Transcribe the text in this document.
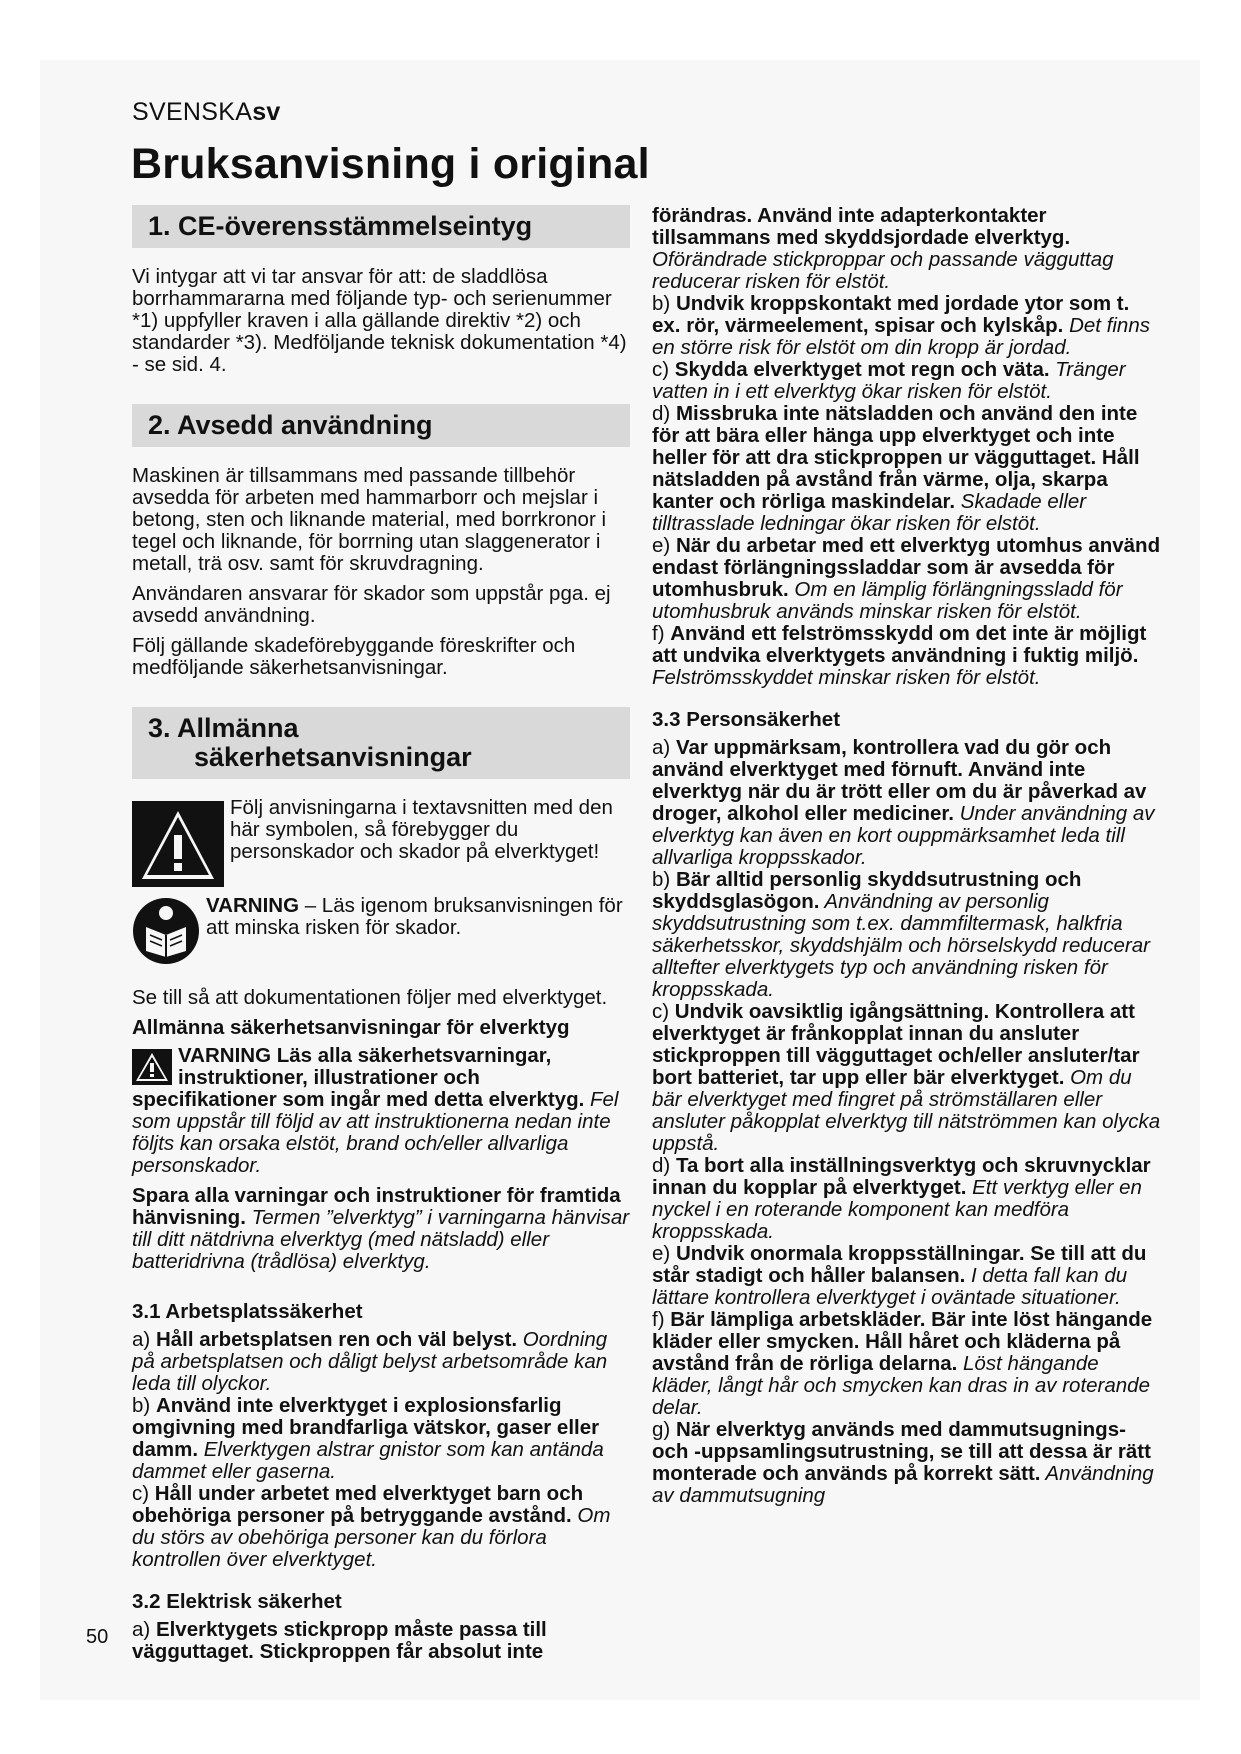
SVENSKAsv
Bruksanvisning i original
1. CE-överensstämmelseintyg

Vi intygar att vi tar ansvar för att: de sladdlösa borrhammararna med följande typ- och serienummer *1) uppfyller kraven i alla gällande direktiv *2) och standarder *3). Medföljande teknisk dokumentation *4) - se sid. 4.

2. Avsedd användning

Maskinen är tillsammans med passande tillbehör avsedda för arbeten med hammarborr och mejslar i betong, sten och liknande material, med borrkronor i tegel och liknande, för borrning utan slaggenerator i metall, trä osv. samt för skruvdragning.

Användaren ansvarar för skador som uppstår pga. ej avsedd användning.

Följ gällande skadeförebyggande föreskrifter och medföljande säkerhetsanvisningar.

3. Allmänna
säkerhetsanvisningar

Följ anvisningarna i textavsnitten med den här symbolen, så förebygger du personskador och skador på elverktyget!

VARNING – Läs igenom bruksanvisningen för att minska risken för skador.

Se till så att dokumentationen följer med elverktyget.

Allmänna säkerhetsanvisningar för elverktyg

VARNING Läs alla säkerhetsvarningar, instruktioner, illustrationer och specifikationer som ingår med detta elverktyg. Fel som uppstår till följd av att instruktionerna nedan inte följts kan orsaka elstöt, brand och/eller allvarliga personskador.

Spara alla varningar och instruktioner för framtida hänvisning. Termen ”elverktyg” i varningarna hänvisar till ditt nätdrivna elverktyg (med nätsladd) eller batteridrivna (trådlösa) elverktyg.

3.1 Arbetsplatssäkerhet

a) Håll arbetsplatsen ren och väl belyst. Oordning på arbetsplatsen och dåligt belyst arbetsområde kan leda till olyckor.

b) Använd inte elverktyget i explosionsfarlig omgivning med brandfarliga vätskor, gaser eller damm. Elverktygen alstrar gnistor som kan antända dammet eller gaserna.

c) Håll under arbetet med elverktyget barn och obehöriga personer på betryggande avstånd. Om du störs av obehöriga personer kan du förlora kontrollen över elverktyget.

3.2 Elektrisk säkerhet

a) Elverktygets stickpropp måste passa till vägguttaget. Stickproppen får absolut inte

förändras. Använd inte adapterkontakter tillsammans med skyddsjordade elverktyg. Oförändrade stickproppar och passande vägguttag reducerar risken för elstöt.

b) Undvik kroppskontakt med jordade ytor som t. ex. rör, värmeelement, spisar och kylskåp. Det finns en större risk för elstöt om din kropp är jordad.

c) Skydda elverktyget mot regn och väta. Tränger vatten in i ett elverktyg ökar risken för elstöt.

d) Missbruka inte nätsladden och använd den inte för att bära eller hänga upp elverktyget och inte heller för att dra stickproppen ur vägguttaget. Håll nätsladden på avstånd från värme, olja, skarpa kanter och rörliga maskindelar. Skadade eller tilltrasslade ledningar ökar risken för elstöt.

e) När du arbetar med ett elverktyg utomhus använd endast förlängningssladdar som är avsedda för utomhusbruk. Om en lämplig förlängningssladd för utomhusbruk används minskar risken för elstöt.

f) Använd ett felströmsskydd om det inte är möjligt att undvika elverktygets användning i fuktig miljö. Felströmsskyddet minskar risken för elstöt.

3.3 Personsäkerhet

a) Var uppmärksam, kontrollera vad du gör och använd elverktyget med förnuft. Använd inte elverktyg när du är trött eller om du är påverkad av droger, alkohol eller mediciner. Under användning av elverktyg kan även en kort ouppmärksamhet leda till allvarliga kroppsskador.

b) Bär alltid personlig skyddsutrustning och skyddsglasögon. Användning av personlig skyddsutrustning som t.ex. dammfiltermask, halkfria säkerhetsskor, skyddshjälm och hörselskydd reducerar alltefter elverktygets typ och användning risken för kroppsskada.

c) Undvik oavsiktlig igångsättning. Kontrollera att elverktyget är frånkopplat innan du ansluter stickproppen till vägguttaget och/eller ansluter/tar bort batteriet, tar upp eller bär elverktyget. Om du bär elverktyget med fingret på strömställaren eller ansluter påkopplat elverktyg till nätströmmen kan olycka uppstå.

d) Ta bort alla inställningsverktyg och skruvnycklar innan du kopplar på elverktyget. Ett verktyg eller en nyckel i en roterande komponent kan medföra kroppsskada.

e) Undvik onormala kroppsställningar. Se till att du står stadigt och håller balansen. I detta fall kan du lättare kontrollera elverktyget i oväntade situationer.

f) Bär lämpliga arbetskläder. Bär inte löst hängande kläder eller smycken. Håll håret och kläderna på avstånd från de rörliga delarna. Löst hängande kläder, långt hår och smycken kan dras in av roterande delar.

g) När elverktyg används med dammutsugnings- och -uppsamlingsutrustning, se till att dessa är rätt monterade och används på korrekt sätt. Användning av dammutsugning

50
